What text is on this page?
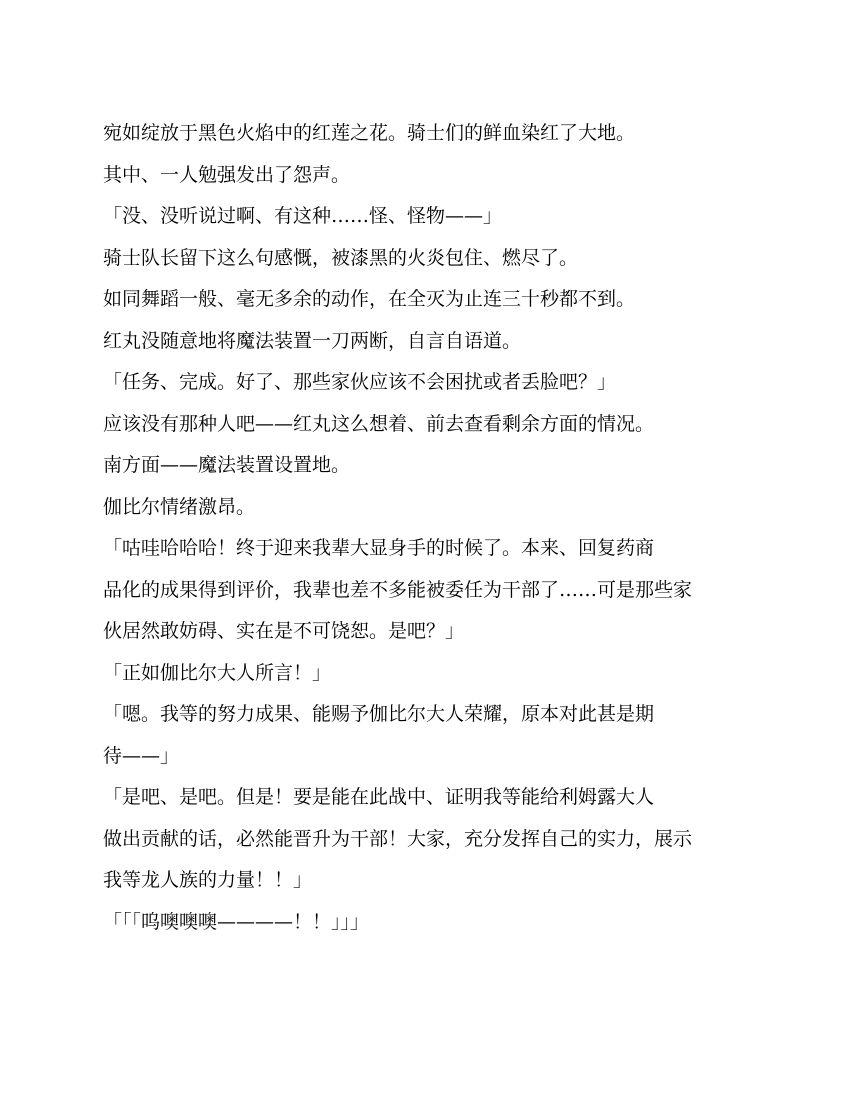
宛如绽放于黑色火焰中的红莲之花。骑士们的鲜血染红了大地。

其中、一人勉强发出了怨声。

「没、没听说过啊、有这种……怪、怪物——」

骑士队长留下这么句感慨，被漆黑的火炎包住、燃尽了。

如同舞蹈一般、毫无多余的动作，在全灭为止连三十秒都不到。

红丸没随意地将魔法装置一刀两断，自言自语道。

「任务、完成。好了、那些家伙应该不会困扰或者丢脸吧？」

应该没有那种人吧——红丸这么想着、前去查看剩余方面的情况。

南方面——魔法装置设置地。

伽比尔情绪激昂。

「咕哇哈哈哈！终于迎来我辈大显身手的时候了。本来、回复药商

品化的成果得到评价，我辈也差不多能被委任为干部了……可是那些家

伙居然敢妨碍、实在是不可饶恕。是吧？」

「正如伽比尔大人所言！」

「嗯。我等的努力成果、能赐予伽比尔大人荣耀，原本对此甚是期

待——」

「是吧、是吧。但是！要是能在此战中、证明我等能给利姆露大人

做出贡献的话，必然能晋升为干部！大家，充分发挥自己的实力，展示

我等龙人族的力量！！」

「「「呜噢噢噢————！！」」」
